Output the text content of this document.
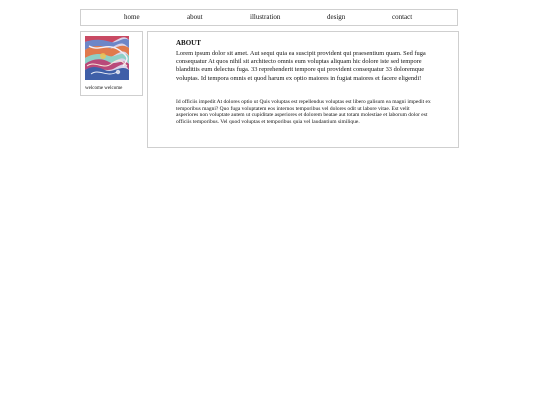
home	about	illustration	design	contact
welcome welcome
ABOUT

Lorem ipsum dolor sit amet. Aut sequi quia ea suscipit provident qui praesentium quam. Sed fuga consequatur At quos nihil sit architecto omnis eum voluptas aliquam hic dolore iste sed tempore blanditiis eum delectus fuga. 33 reprehenderit tempore qui provident consequatur 33 doloremque voluptas. Id tempora omnis et quod harum ex optio maiores in fugiat maiores et facere eligendi!

Id officiis impedit At dolores optio ut Quis voluptas est repellendus voluptas est libero galisum ea magni impedit ex temporibus magni? Quo fuga voluptatem eos internos temporibus vel dolores odit ut labore vitae. Est velit asperiores non voluptate autem ut cupiditate asperiores et dolorem beatae aut totam molestiae et laborum dolor est officiis temporibus. Vel quod voluptas et temporibus quia vel laudantium similique.
